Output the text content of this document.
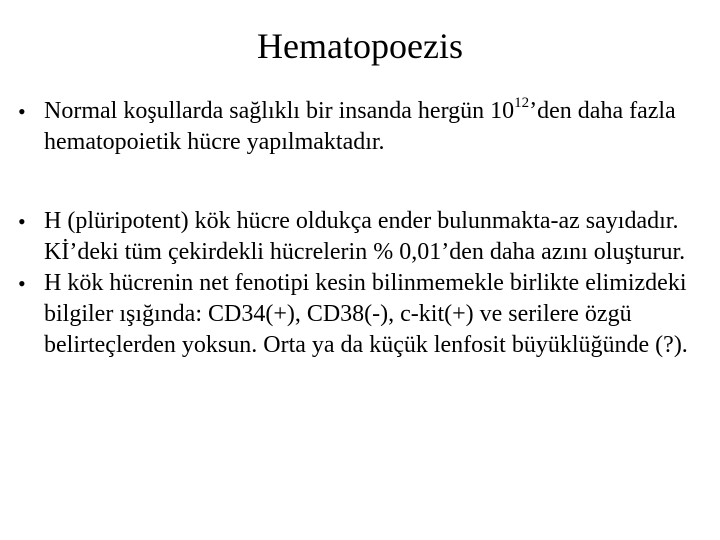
Hematopoezis
• Normal koşullarda sağlıklı bir insanda hergün $10^{12}’den$ daha fazla hematopoietik hücre yapılmaktadır.
• H (plüripotent) kök hücre oldukça ender bulunmakta-az sayıdadır. Kİ’deki tüm çekirdekli hücrelerin % 0,01’den daha azını oluşturur.
• H kök hücrenin net fenotipi kesin bilinmemekle birlikte elimizdeki bilgiler ışığında: CD34(+), CD38(-), c-kit(+) ve serilere özgü belirteçlerden yoksun. Orta ya da küçük lenfosit büyüklüğünde (?).
